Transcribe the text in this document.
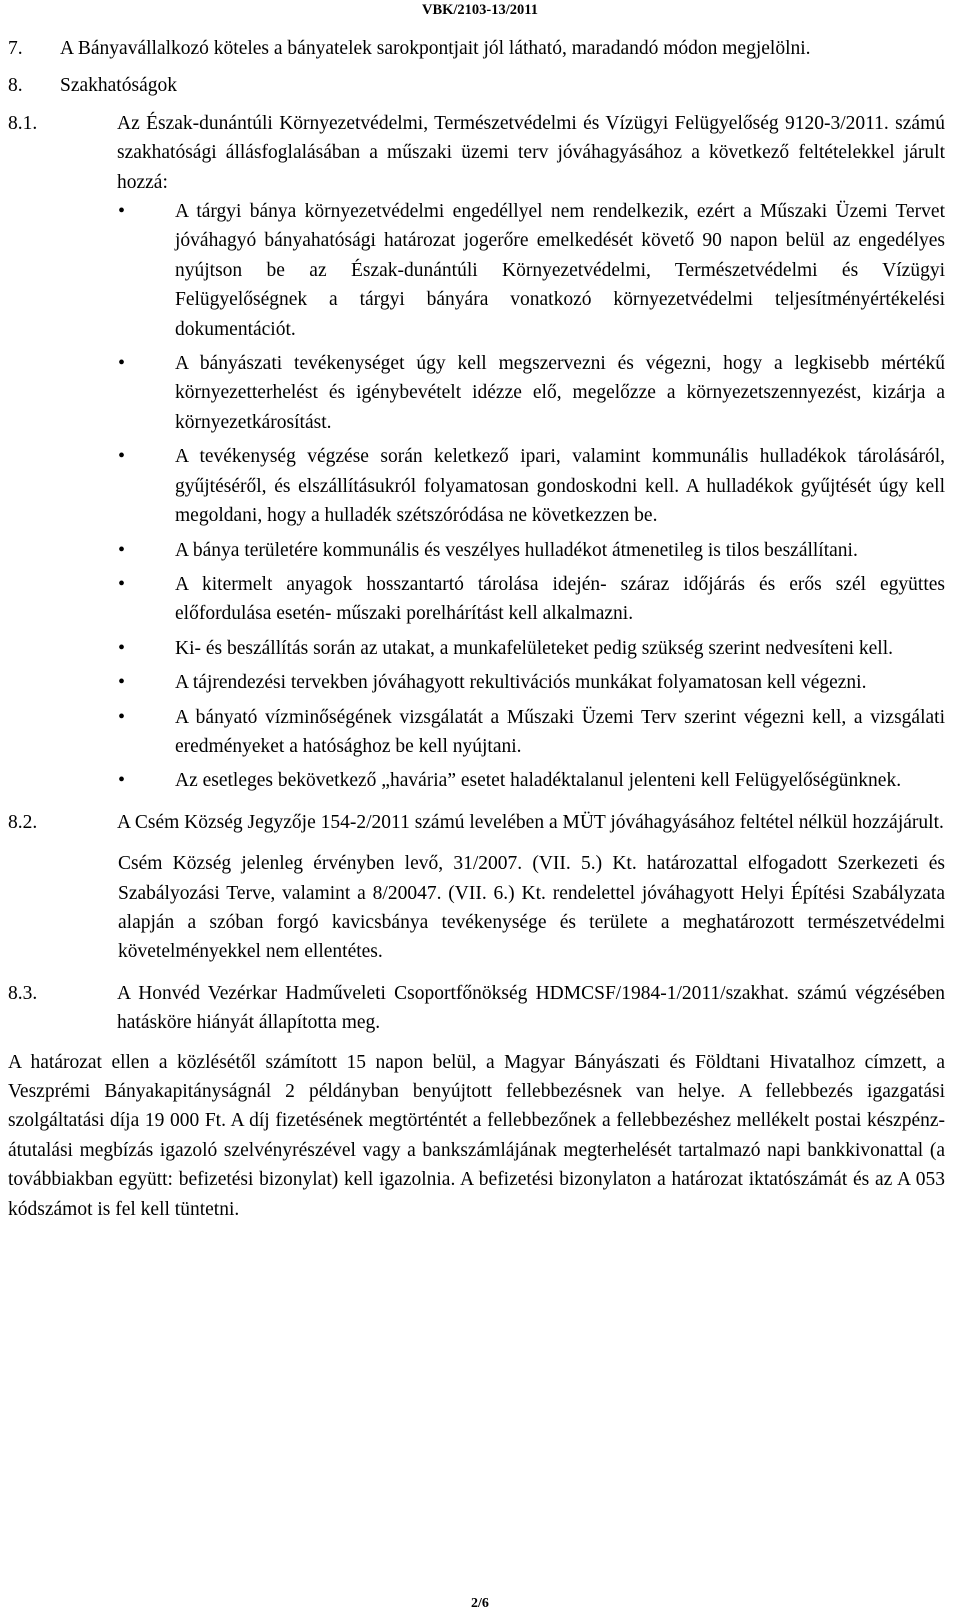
VBK/2103-13/2011
7.	A Bányavállalkozó köteles a bányatelek sarokpontjait jól látható, maradandó módon megjelölni.
8.	Szakhatóságok
8.1.	Az Észak-dunántúli Környezetvédelmi, Természetvédelmi és Vízügyi Felügyelőség 9120-3/2011. számú szakhatósági állásfoglalásában a műszaki üzemi terv jóváhagyásához a következő feltételekkel járult hozzá:
• A tárgyi bánya környezetvédelmi engedéllyel nem rendelkezik, ezért a Műszaki Üzemi Tervet jóváhagyó bányahatósági határozat jogerőre emelkedését követő 90 napon belül az engedélyes nyújtson be az Észak-dunántúli Környezetvédelmi, Természetvédelmi és Vízügyi Felügyelőségnek a tárgyi bányára vonatkozó környezetvédelmi teljesítményértékelési dokumentációt.
• A bányászati tevékenységet úgy kell megszervezni és végezni, hogy a legkisebb mértékű környezetterhelést és igénybevételt idézze elő, megelőzze a környezetszennyezést, kizárja a környezetkárosítást.
• A tevékenység végzése során keletkező ipari, valamint kommunális hulladékok tárolásáról, gyűjtéséről, és elszállításukról folyamatosan gondoskodni kell. A hulladékok gyűjtését úgy kell megoldani, hogy a hulladék szétszóródása ne következzen be.
• A bánya területére kommunális és veszélyes hulladékot átmenetileg is tilos beszállítani.
• A kitermelt anyagok hosszantartó tárolása idején- száraz időjárás és erős szél együttes előfordulása esetén- műszaki porelhárítást kell alkalmazni.
• Ki- és beszállítás során az utakat, a munkafelületeket pedig szükség szerint nedvesíteni kell.
• A tájrendezési tervekben jóváhagyott rekultivációs munkákat folyamatosan kell végezni.
• A bányató vízminőségének vizsgálatát a Műszaki Üzemi Terv szerint végezni kell, a vizsgálati eredményeket a hatósághoz be kell nyújtani.
• Az esetleges bekövetkező „havária” esetet haladéktalanul jelenteni kell Felügyelőségünknek.
8.2.	A Csém Község Jegyzője 154-2/2011 számú levelében a MÜT jóváhagyásához feltétel nélkül hozzájárult.
Csém Község jelenleg érvényben levő, 31/2007. (VII. 5.) Kt. határozattal elfogadott Szerkezeti és Szabályozási Terve, valamint a 8/20047. (VII. 6.) Kt. rendelettel jóváhagyott Helyi Építési Szabályzata alapján a szóban forgó kavicsbánya tevékenysége és területe a meghatározott természetvédelmi követelményekkel nem ellentétes.
8.3.	A Honvéd Vezérkar Hadműveleti Csoportfőnökség HDMCSF/1984-1/2011/szakhat. számú végzésében hatásköre hiányát állapította meg.
A határozat ellen a közlésétől számított 15 napon belül, a Magyar Bányászati és Földtani Hivatalhoz címzett, a Veszprémi Bányakapitányságnál 2 példányban benyújtott fellebbezésnek van helye. A fellebbezés igazgatási szolgáltatási díja 19 000 Ft. A díj fizetésének megtörténtét a fellebbezőnek a fellebbezéshez mellékelt postai készpénz-átutalási megbízás igazoló szelvényrészével vagy a bankszámlájának megterhelését tartalmazó napi bankkivonattal (a továbbiakban együtt: befizetési bizonylat) kell igazolnia. A befizetési bizonylaton a határozat iktatószámát és az A 053 kódszámot is fel kell tüntetni.
2/6
